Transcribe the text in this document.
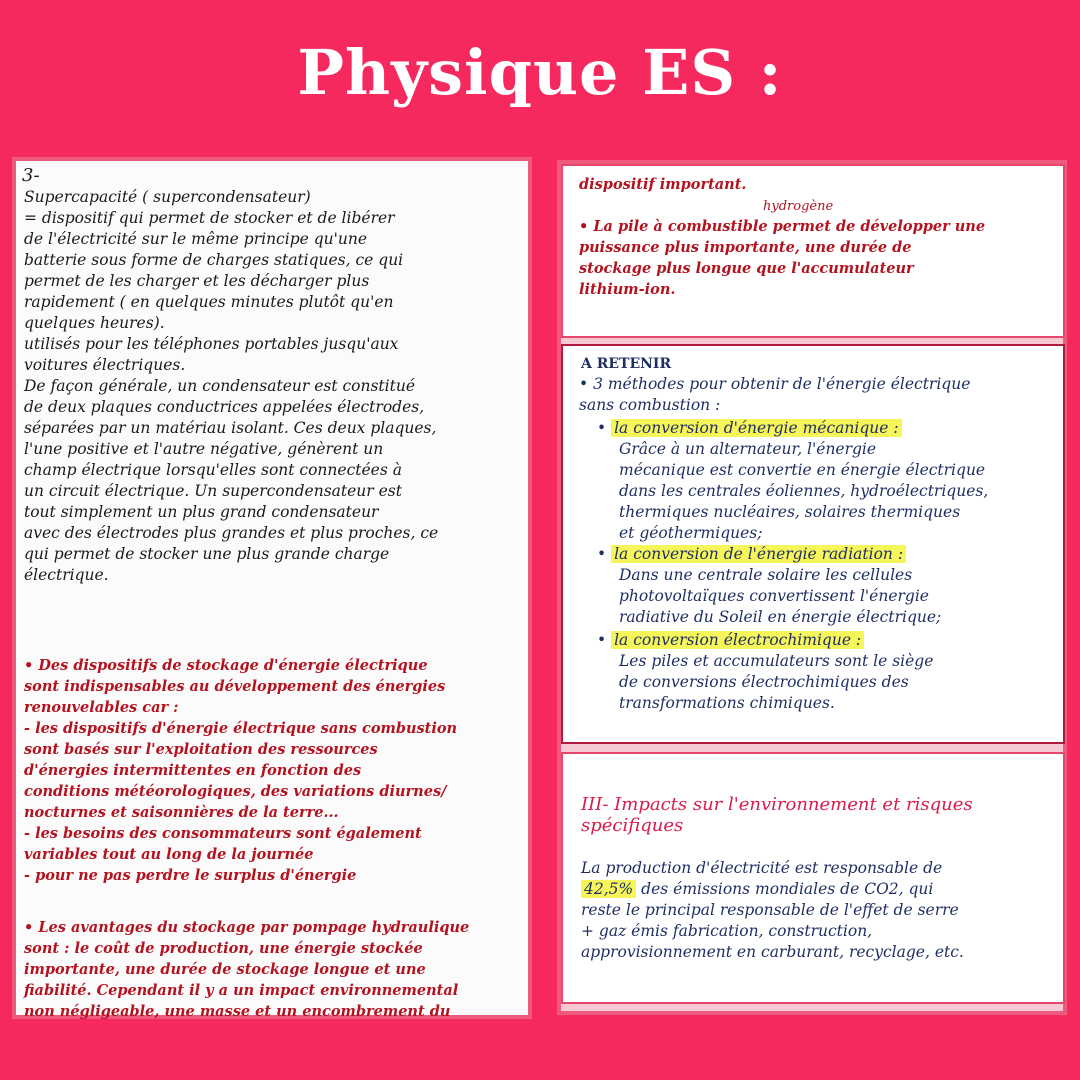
Physique ES :
3-

Supercapacité ( supercondensateur)
= dispositif qui permet de stocker et de libérer
de l'électricité sur le même principe qu'une
batterie sous forme de charges statiques, ce qui
permet de les charger et les décharger plus
rapidement ( en quelques minutes plutôt qu'en
quelques heures).
utilisés pour les téléphones portables jusqu'aux
voitures électriques.
De façon générale, un condensateur est constitué
de deux plaques conductrices appelées électrodes,
séparées par un matériau isolant. Ces deux plaques,
l'une positive et l'autre négative, génèrent un
champ électrique lorsqu'elles sont connectées à
un circuit électrique. Un supercondensateur est
tout simplement un plus grand condensateur
avec des électrodes plus grandes et plus proches, ce
qui permet de stocker une plus grande charge
électrique.

• Des dispositifs de stockage d'énergie électrique
sont indispensables au développement des énergies
renouvelables car :
- les dispositifs d'énergie électrique sans combustion
sont basés sur l'exploitation des ressources
d'énergies intermittentes en fonction des
conditions météorologiques, des variations diurnes/
nocturnes et saisonnières de la terre...
- les besoins des consommateurs sont également
variables tout au long de la journée
- pour ne pas perdre le surplus d'énergie

• Les avantages du stockage par pompage hydraulique
sont : le coût de production, une énergie stockée
importante, une durée de stockage longue et une
fiabilité. Cependant il y a un impact environnemental
non négligeable, une masse et un encombrement du

hydrogène

dispositif important.

• La pile à combustible permet de développer une
puissance plus importante, une durée de
stockage plus longue que l'accumulateur
lithium-ion.

A RETENIR

• 3 méthodes pour obtenir de l'énergie électrique
sans combustion :

• la conversion d'énergie mécanique :

Grâce à un alternateur, l'énergie
mécanique est convertie en énergie électrique
dans les centrales éoliennes, hydroélectriques,
thermiques nucléaires, solaires thermiques
et géothermiques;

• la conversion de l'énergie radiation :

Dans une centrale solaire les cellules
photovoltaïques convertissent l'énergie
radiative du Soleil en énergie électrique;

• la conversion électrochimique :

Les piles et accumulateurs sont le siège
de conversions électrochimiques des
transformations chimiques.

III- Impacts sur l'environnement et risques
spécifiques

La production d'électricité est responsable de
42,5% des émissions mondiales de CO2, qui
reste le principal responsable de l'effet de serre
+ gaz émis fabrication, construction,
approvisionnement en carburant, recyclage, etc.
